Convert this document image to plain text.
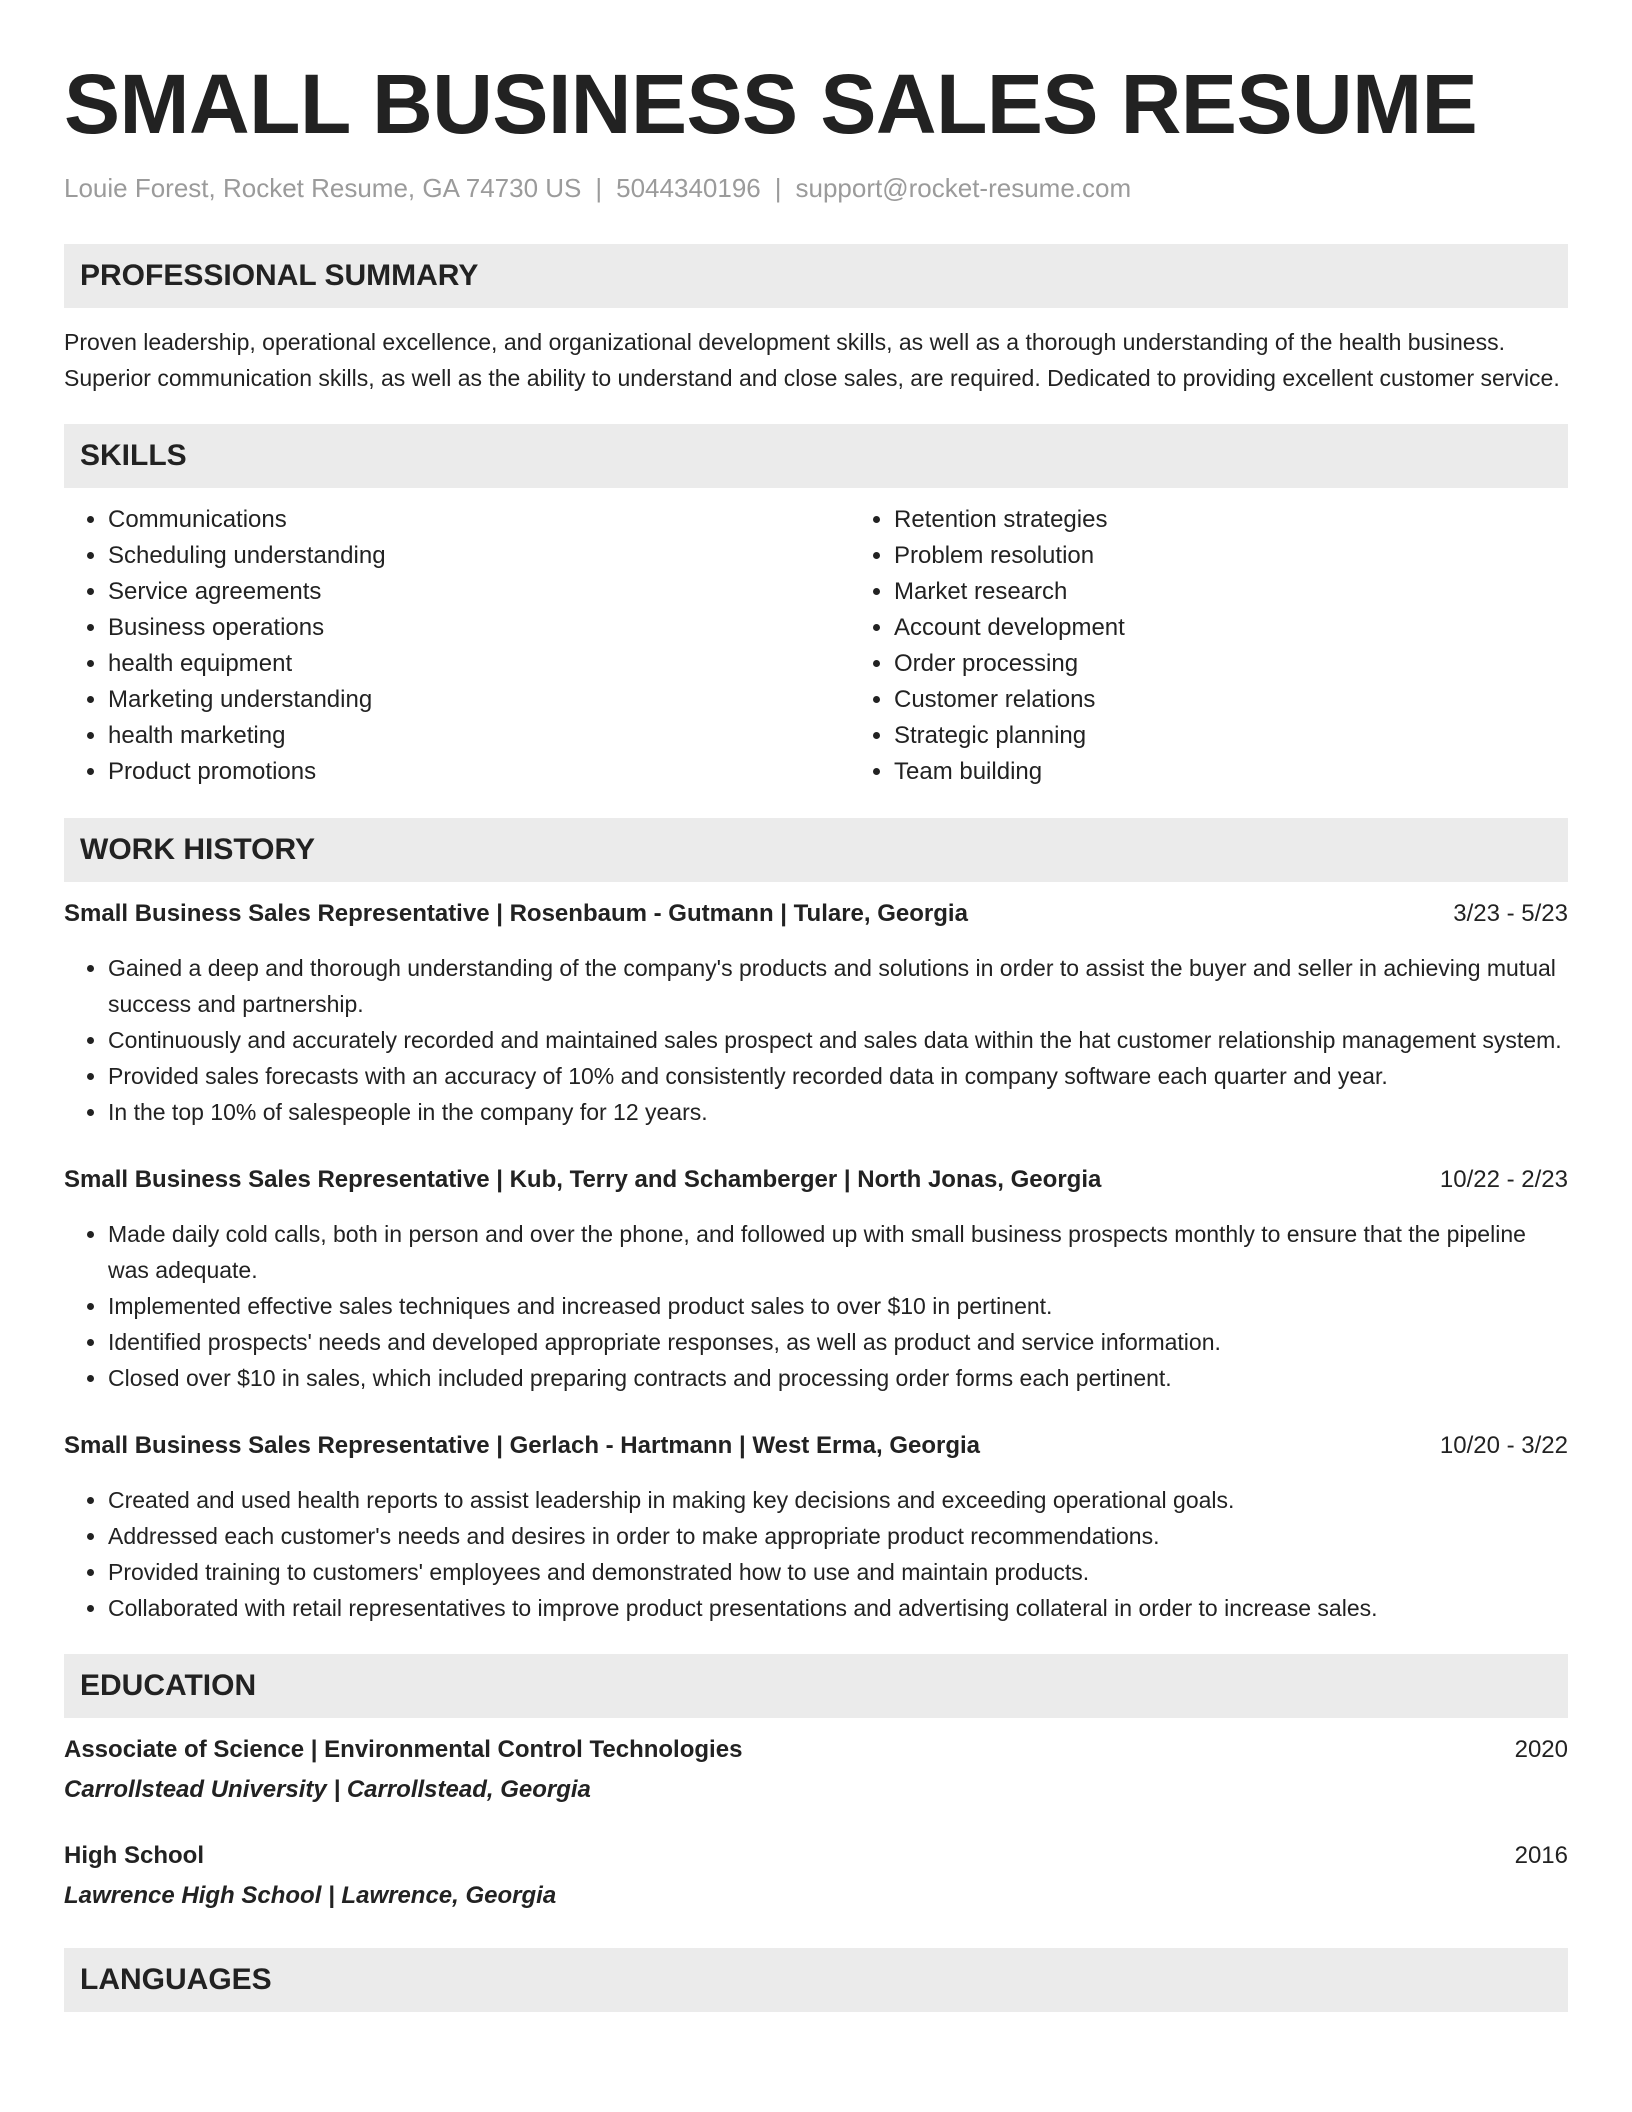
SMALL BUSINESS SALES RESUME
Louie Forest, Rocket Resume, GA 74730 US | 5044340196 | support@rocket-resume.com
PROFESSIONAL SUMMARY

Proven leadership, operational excellence, and organizational development skills, as well as a thorough understanding of the health business. Superior communication skills, as well as the ability to understand and close sales, are required. Dedicated to providing excellent customer service.

SKILLS
• Communications
• Scheduling understanding
• Service agreements
• Business operations
• health equipment
• Marketing understanding
• health marketing
• Product promotions
• Retention strategies
• Problem resolution
• Market research
• Account development
• Order processing
• Customer relations
• Strategic planning
• Team building
WORK HISTORY
Small Business Sales Representative | Rosenbaum - Gutmann | Tulare, Georgia	3/23 - 5/23
• Gained a deep and thorough understanding of the company's products and solutions in order to assist the buyer and seller in achieving mutual success and partnership.
• Continuously and accurately recorded and maintained sales prospect and sales data within the hat customer relationship management system.
• Provided sales forecasts with an accuracy of 10% and consistently recorded data in company software each quarter and year.
• In the top 10% of salespeople in the company for 12 years.
Small Business Sales Representative | Kub, Terry and Schamberger | North Jonas, Georgia	10/22 - 2/23
• Made daily cold calls, both in person and over the phone, and followed up with small business prospects monthly to ensure that the pipeline was adequate.
• Implemented effective sales techniques and increased product sales to over $10 in pertinent.
• Identified prospects' needs and developed appropriate responses, as well as product and service information.
• Closed over $10 in sales, which included preparing contracts and processing order forms each pertinent.
Small Business Sales Representative | Gerlach - Hartmann | West Erma, Georgia	10/20 - 3/22
• Created and used health reports to assist leadership in making key decisions and exceeding operational goals.
• Addressed each customer's needs and desires in order to make appropriate product recommendations.
• Provided training to customers' employees and demonstrated how to use and maintain products.
• Collaborated with retail representatives to improve product presentations and advertising collateral in order to increase sales.
EDUCATION
Associate of Science | Environmental Control Technologies	2020
Carrollstead University | Carrollstead, Georgia
High School	2016
Lawrence High School | Lawrence, Georgia
LANGUAGES
